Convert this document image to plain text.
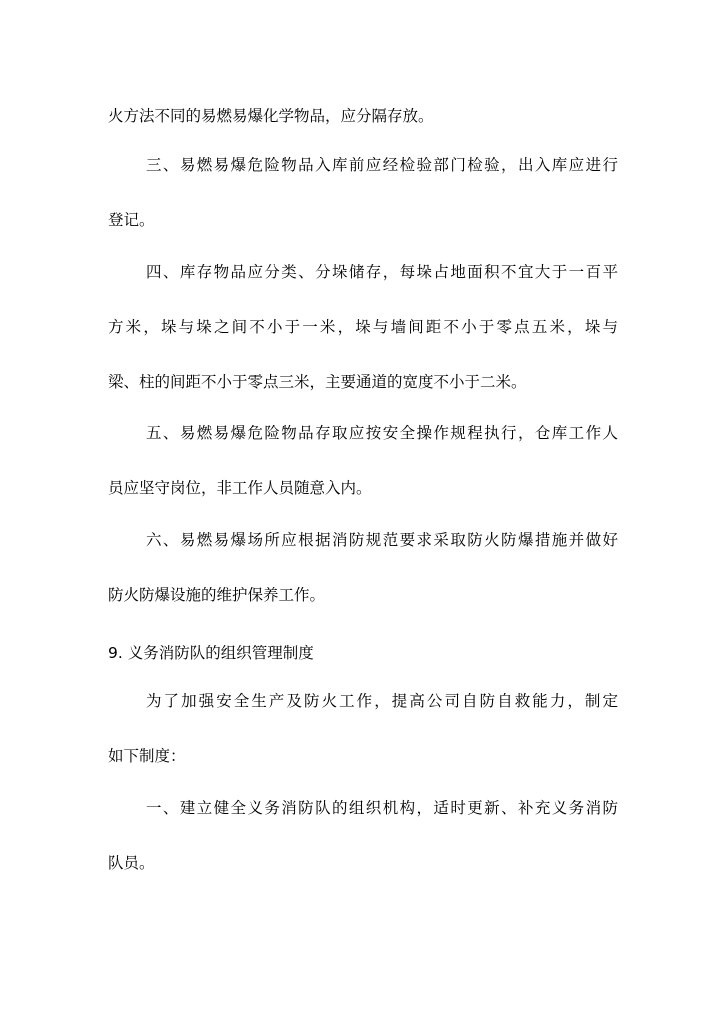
火方法不同的易燃易爆化学物品，应分隔存放。

三、易燃易爆危险物品入库前应经检验部门检验，出入库应进行

登记。

四、库存物品应分类、分垛储存，每垛占地面积不宜大于一百平

方米，垛与垛之间不小于一米，垛与墙间距不小于零点五米，垛与

梁、柱的间距不小于零点三米，主要通道的宽度不小于二米。

五、易燃易爆危险物品存取应按安全操作规程执行，仓库工作人

员应坚守岗位，非工作人员随意入内。

六、易燃易爆场所应根据消防规范要求采取防火防爆措施并做好

防火防爆设施的维护保养工作。

9. 义务消防队的组织管理制度

为了加强安全生产及防火工作，提高公司自防自救能力，制定

如下制度：

一、建立健全义务消防队的组织机构，适时更新、补充义务消防

队员。
